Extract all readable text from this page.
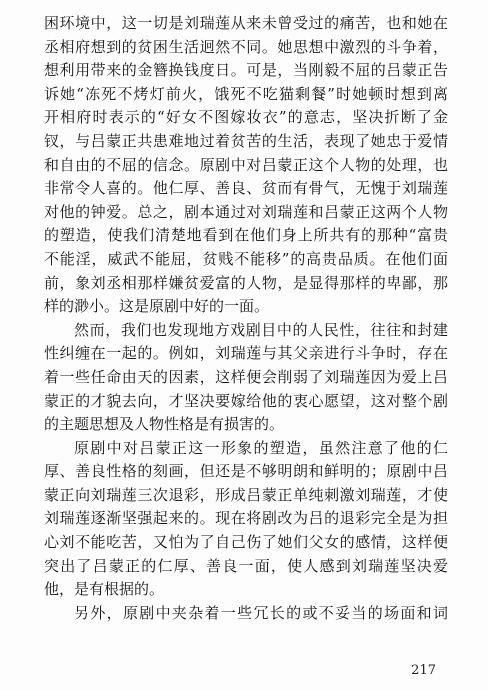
困环境中，这一切是刘瑞莲从来未曾受过的痛苦，也和她在
丞相府想到的贫困生活迥然不同。她思想中激烈的斗争着，
想利用带来的金簪换钱度日。可是，当刚毅不屈的吕蒙正告
诉她“冻死不烤灯前火，饿死不吃猫剩餐”时她顿时想到离
开相府时表示的“好女不图嫁妆衣”的意志，坚决折断了金
钗，与吕蒙正共患难地过着贫苦的生活，表现了她忠于爱情
和自由的不屈的信念。原剧中对吕蒙正这个人物的处理，也
非常令人喜的。他仁厚、善良、贫而有骨气，无愧于刘瑞莲
对他的钟爱。总之，剧本通过对刘瑞莲和吕蒙正这两个人物
的塑造，使我们清楚地看到在他们身上所共有的那种“富贵
不能淫，威武不能屈，贫贱不能移”的高贵品质。在他们面
前，象刘丞相那样嫌贫爱富的人物，是显得那样的卑鄙，那
样的渺小。这是原剧中好的一面。
然而，我们也发现地方戏剧目中的人民性，往往和封建
性纠缠在一起的。例如，刘瑞莲与其父亲进行斗争时，存在
着一些任命由天的因素，这样便会削弱了刘瑞莲因为爱上吕
蒙正的才貌去向，才坚决要嫁给他的衷心愿望，这对整个剧
的主题思想及人物性格是有损害的。
原剧中对吕蒙正这一形象的塑造，虽然注意了他的仁
厚、善良性格的刻画，但还是不够明朗和鲜明的；原剧中吕
蒙正向刘瑞莲三次退彩，形成吕蒙正单纯刺激刘瑞莲，才使
刘瑞莲逐渐坚强起来的。现在将剧改为吕的退彩完全是为担
心刘不能吃苦，又怕为了自己伤了她们父女的感情，这样便
突出了吕蒙正的仁厚、善良一面，使人感到刘瑞莲坚决爱
他，是有根据的。
另外，原剧中夹杂着一些冗长的或不妥当的场面和词
217
